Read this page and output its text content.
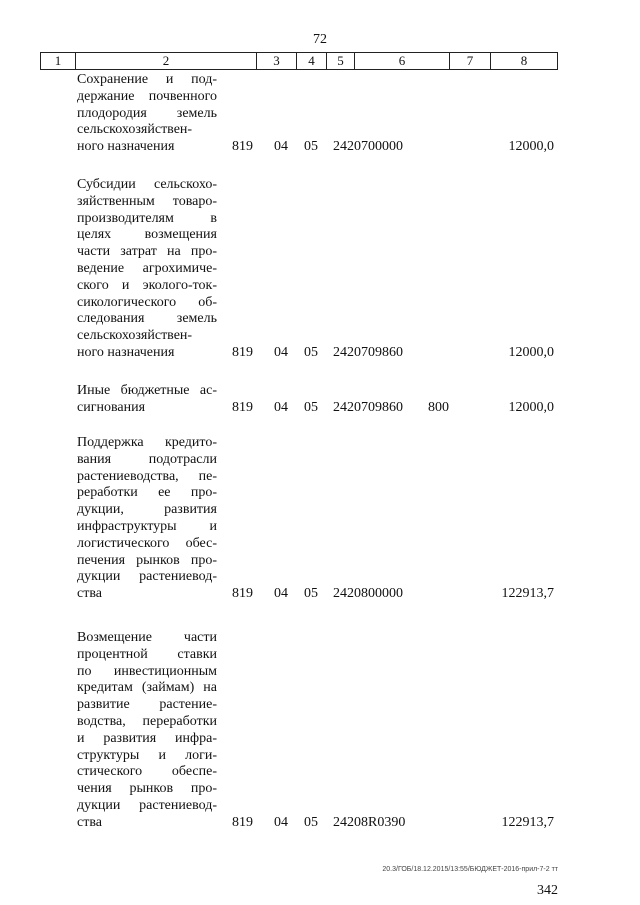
72
1	2	3	4	5	6	7	8
Сохранение и под-
держание почвенного
плодородия земель
сельскохозяйствен-
ного назначения	819 04 05 2420700000	12000,0
Субсидии сельскохо-
зяйственным товаро-
производителям в
целях возмещения
части затрат на про-
ведение агрохимиче-
ского и эколого-ток-
сикологического об-
следования земель
сельскохозяйствен-
ного назначения	819 04 05 2420709860	12000,0
Иные бюджетные ас-
сигнования	819 04 05 2420709860 800	12000,0
Поддержка кредито-
вания подотрасли
растениеводства, пе-
реработки ее про-
дукции, развития
инфраструктуры и
логистического обес-
печения рынков про-
дукции растениевод-
ства	819 04 05 2420800000	122913,7
Возмещение части
процентной ставки
по инвестиционным
кредитам (займам) на
развитие растение-
водства, переработки
и развития инфра-
структуры и логи-
стического обеспе-
чения рынков про-
дукции растениевод-
ства	819 04 05 24208R0390	122913,7
20.3/ГОБ/18.12.2015/13:55/БЮДЖЕТ-2016-прил-7-2 тт
342
